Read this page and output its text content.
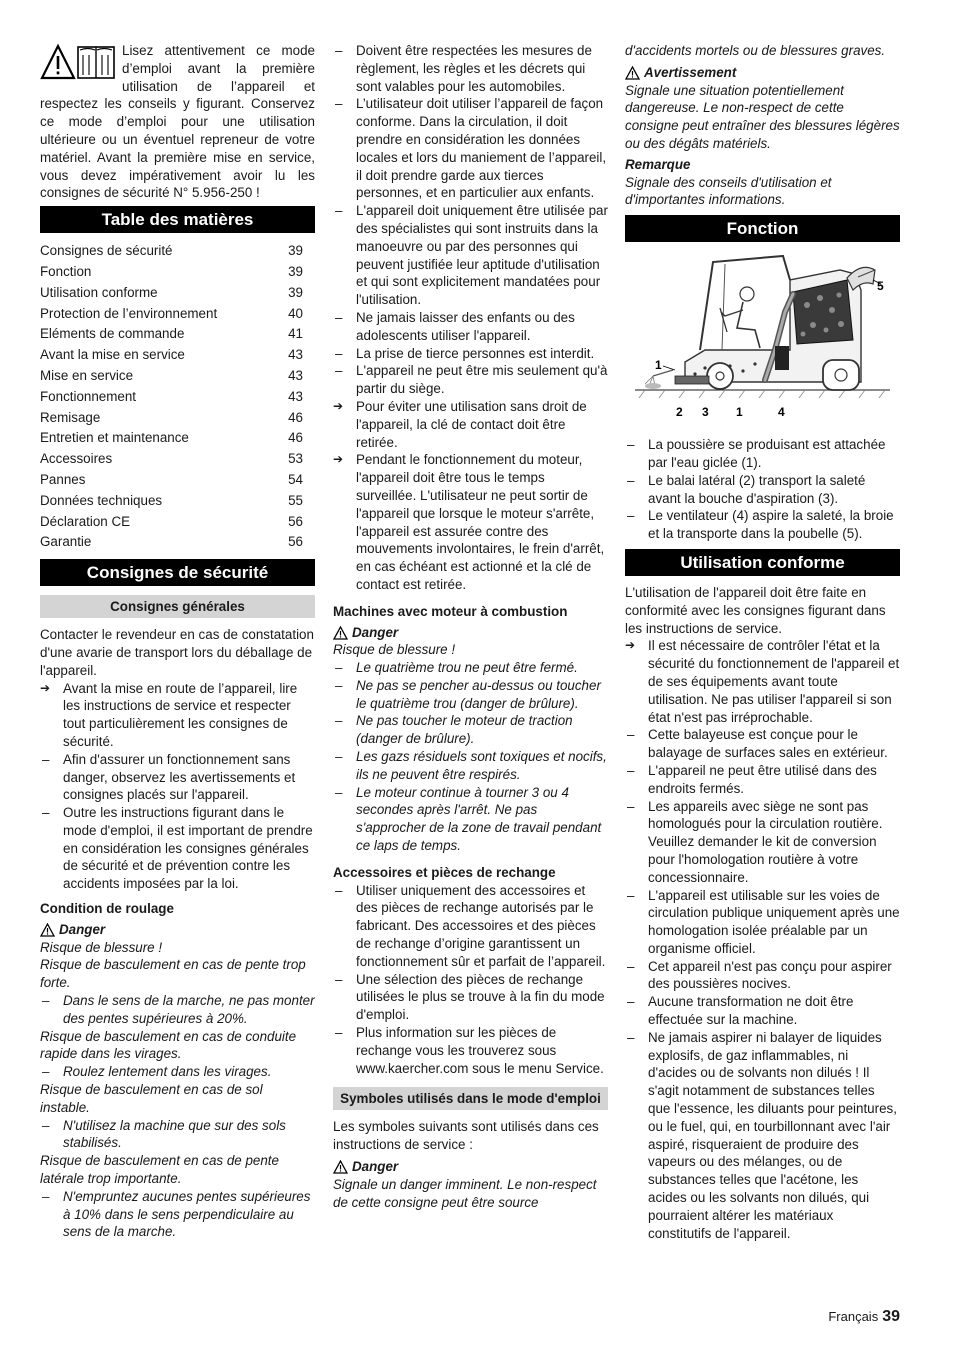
Lisez attentivement ce mode d’emploi avant la première utilisation de l’appareil et respectez les conseils y figurant. Conservez ce mode d’emploi pour une utilisation ultérieure ou un éventuel repreneur de votre matériel. Avant la première mise en service, vous devez impérativement avoir lu les consignes de sécurité N° 5.956-250 !

Table des matières
Consignes de sécurité	39
Fonction	39
Utilisation conforme	39
Protection de l’environnement	40
Eléments de commande	41
Avant la mise en service	43
Mise en service	43
Fonctionnement	43
Remisage	46
Entretien et maintenance	46
Accessoires	53
Pannes	54
Données techniques	55
Déclaration CE	56
Garantie	56
Consignes de sécurité
Consignes générales

Contacter le revendeur en cas de constatation d'une avarie de transport lors du déballage de l'appareil.

➔ Avant la mise en route de l’appareil, lire les instructions de service et respecter tout particulièrement les consignes de sécurité.

– Afin d'assurer un fonctionnement sans danger, observez les avertissements et consignes placés sur l'appareil.

– Outre les instructions figurant dans le mode d'emploi, il est important de prendre en considération les consignes générales de sécurité et de prévention contre les accidents imposées par la loi.

Condition de roulage

Danger

Risque de blessure !

Risque de basculement en cas de pente trop forte.

– Dans le sens de la marche, ne pas monter des pentes supérieures à 20%.

Risque de basculement en cas de conduite rapide dans les virages.

– Roulez lentement dans les virages.

Risque de basculement en cas de sol instable.

– N'utilisez la machine que sur des sols stabilisés.

Risque de basculement en cas de pente latérale trop importante.

– N'empruntez aucunes pentes supérieures à 10% dans le sens perpendiculaire au sens de la marche.

– Doivent être respectées les mesures de règlement, les règles et les décrets qui sont valables pour les automobiles.

– L’utilisateur doit utiliser l’appareil de façon conforme. Dans la circulation, il doit prendre en considération les données locales et lors du maniement de l’appareil, il doit prendre garde aux tierces personnes, et en particulier aux enfants.

– L'appareil doit uniquement être utilisée par des spécialistes qui sont instruits dans la manoeuvre ou par des personnes qui peuvent justifiée leur aptitude d'utilisation et qui sont explicitement mandatées pour l'utilisation.

– Ne jamais laisser des enfants ou des adolescents utiliser l'appareil.

– La prise de tierce personnes est interdit.

– L'appareil ne peut être mis seulement qu'à partir du siège.

➔ Pour éviter une utilisation sans droit de l'appareil, la clé de contact doit être retirée.

➔ Pendant le fonctionnement du moteur, l'appareil doit être tous le temps surveillée. L'utilisateur ne peut sortir de l'appareil que lorsque le moteur s'arrête, l'appareil est assurée contre des mouvements involontaires, le frein d'arrêt, en cas échéant est actionné et la clé de contact est retirée.

Machines avec moteur à combustion

Danger

Risque de blessure !

– Le quatrième trou ne peut être fermé.

– Ne pas se pencher au-dessus ou toucher le quatrième trou (danger de brûlure).

– Ne pas toucher le moteur de traction (danger de brûlure).

– Les gazs résiduels sont toxiques et nocifs, ils ne peuvent être respirés.

– Le moteur continue à tourner 3 ou 4 secondes après l'arrêt. Ne pas s'approcher de la zone de travail pendant ce laps de temps.

Accessoires et pièces de rechange

– Utiliser uniquement des accessoires et des pièces de rechange autorisés par le fabricant. Des accessoires et des pièces de rechange d’origine garantissent un fonctionnement sûr et parfait de l’appareil.

– Une sélection des pièces de rechange utilisées le plus se trouve à la fin du mode d'emploi.

– Plus information sur les pièces de rechange vous les trouverez sous www.kaercher.com sous le menu Service.

Symboles utilisés dans le mode d'emploi

Les symboles suivants sont utilisés dans ces instructions de service :

Danger

Signale un danger imminent. Le non-respect de cette consigne peut être source

d'accidents mortels ou de blessures graves.

Avertissement

Signale une situation potentiellement dangereuse. Le non-respect de cette consigne peut entraîner des blessures légères ou des dégâts matériels.

Remarque

Signale des conseils d'utilisation et d'importantes informations.

Fonction
1
5
2 3 1	4

– La poussière se produisant est attachée par l'eau giclée (1).

– Le balai latéral (2) transport la saleté avant la bouche d'aspiration (3).

– Le ventilateur (4) aspire la saleté, la broie et la transporte dans la poubelle (5).

Utilisation conforme

L'utilisation de l'appareil doit être faite en conformité avec les consignes figurant dans les instructions de service.

➔ Il est nécessaire de contrôler l'état et la sécurité du fonctionnement de l'appareil et de ses équipements avant toute utilisation. Ne pas utiliser l'appareil si son état n'est pas irréprochable.

– Cette balayeuse est conçue pour le balayage de surfaces sales en extérieur.

– L'appareil ne peut être utilisé dans des endroits fermés.

– Les appareils avec siège ne sont pas homologués pour la circulation routière. Veuillez demander le kit de conversion pour l'homologation routière à votre concessionnaire.

– L'appareil est utilisable sur les voies de circulation publique uniquement après une homologation isolée préalable par un organisme officiel.

– Cet appareil n'est pas conçu pour aspirer des poussières nocives.

– Aucune transformation ne doit être effectuée sur la machine.

– Ne jamais aspirer ni balayer de liquides explosifs, de gaz inflammables, ni d'acides ou de solvants non dilués ! Il s'agit notamment de substances telles que l'essence, les diluants pour peintures, ou le fuel, qui, en tourbillonnant avec l'air aspiré, risqueraient de produire des vapeurs ou des mélanges, ou de substances telles que l'acétone, les acides ou les solvants non dilués, qui pourraient altérer les matériaux constitutifs de l'appareil.

Français 39
